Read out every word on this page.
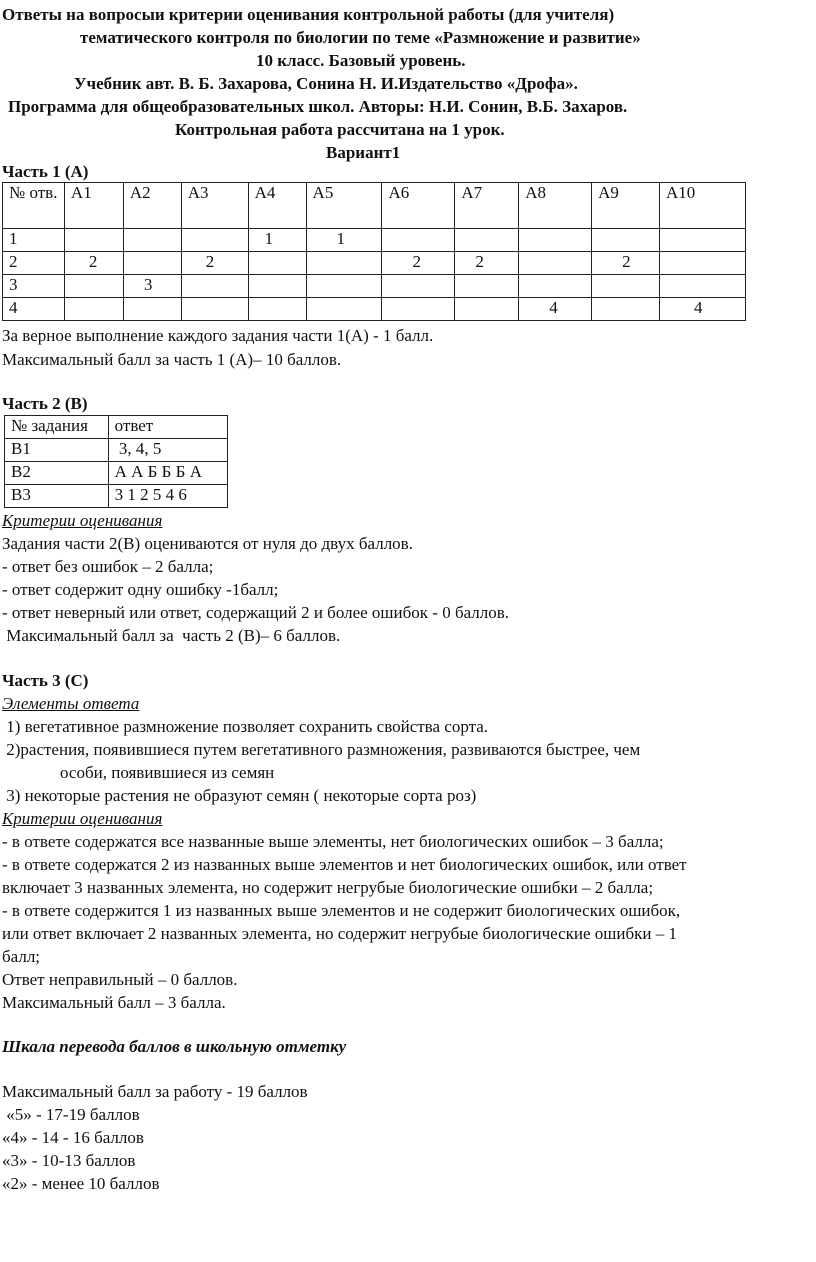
Ответы на вопросыи критерии оценивания контрольной работы (для учителя)
тематического контроля по биологии по теме «Размножение и развитие»
10 класс. Базовый уровень.
Учебник авт. В. Б. Захарова, Сонина Н. И.Издательство «Дрофа».
Программа для общеобразовательных школ. Авторы: Н.И. Сонин, В.Б. Захаров.
Контрольная работа рассчитана на 1 урок.
Вариант1
Часть 1 (А)
№ отв.	А1	А2	А3	А4	А5	А6	А7	А8	А9	А10
1				1	1					
2	2		2			2	2		2	
3		3								
4								4		4
За верное выполнение каждого задания части 1(А) - 1 балл.
Максимальный балл за часть 1 (А)– 10 баллов.
Часть 2 (В)
№ задания	ответ
В1	3, 4, 5
В2	А А Б Б Б А
В3	3 1 2 5 4 6
Критерии оценивания
Задания части 2(В) оцениваются от нуля до двух баллов.
- ответ без ошибок – 2 балла;
- ответ содержит одну ошибку -1балл;
- ответ неверный или ответ, содержащий 2 и более ошибок - 0 баллов.
Максимальный балл за  часть 2 (В)– 6 баллов.
Часть 3 (С)
Элементы ответа
1) вегетативное размножение позволяет сохранить свойства сорта.
2)растения, появившиеся путем вегетативного размножения, развиваются быстрее, чем
особи, появившиеся из семян
3) некоторые растения не образуют семян ( некоторые сорта роз)
Критерии оценивания
- в ответе содержатся все названные выше элементы, нет биологических ошибок – 3 балла;
- в ответе содержатся 2 из названных выше элементов и нет биологических ошибок, или ответ
включает 3 названных элемента, но содержит негрубые биологические ошибки – 2 балла;
- в ответе содержится 1 из названных выше элементов и не содержит биологических ошибок,
или ответ включает 2 названных элемента, но содержит негрубые биологические ошибки – 1
балл;
Ответ неправильный – 0 баллов.
Максимальный балл – 3 балла.
Шкала перевода баллов в школьную отметку
Максимальный балл за работу - 19 баллов
«5» - 17-19 баллов
«4» - 14 - 16 баллов
«3» - 10-13 баллов
«2» - менее 10 баллов
